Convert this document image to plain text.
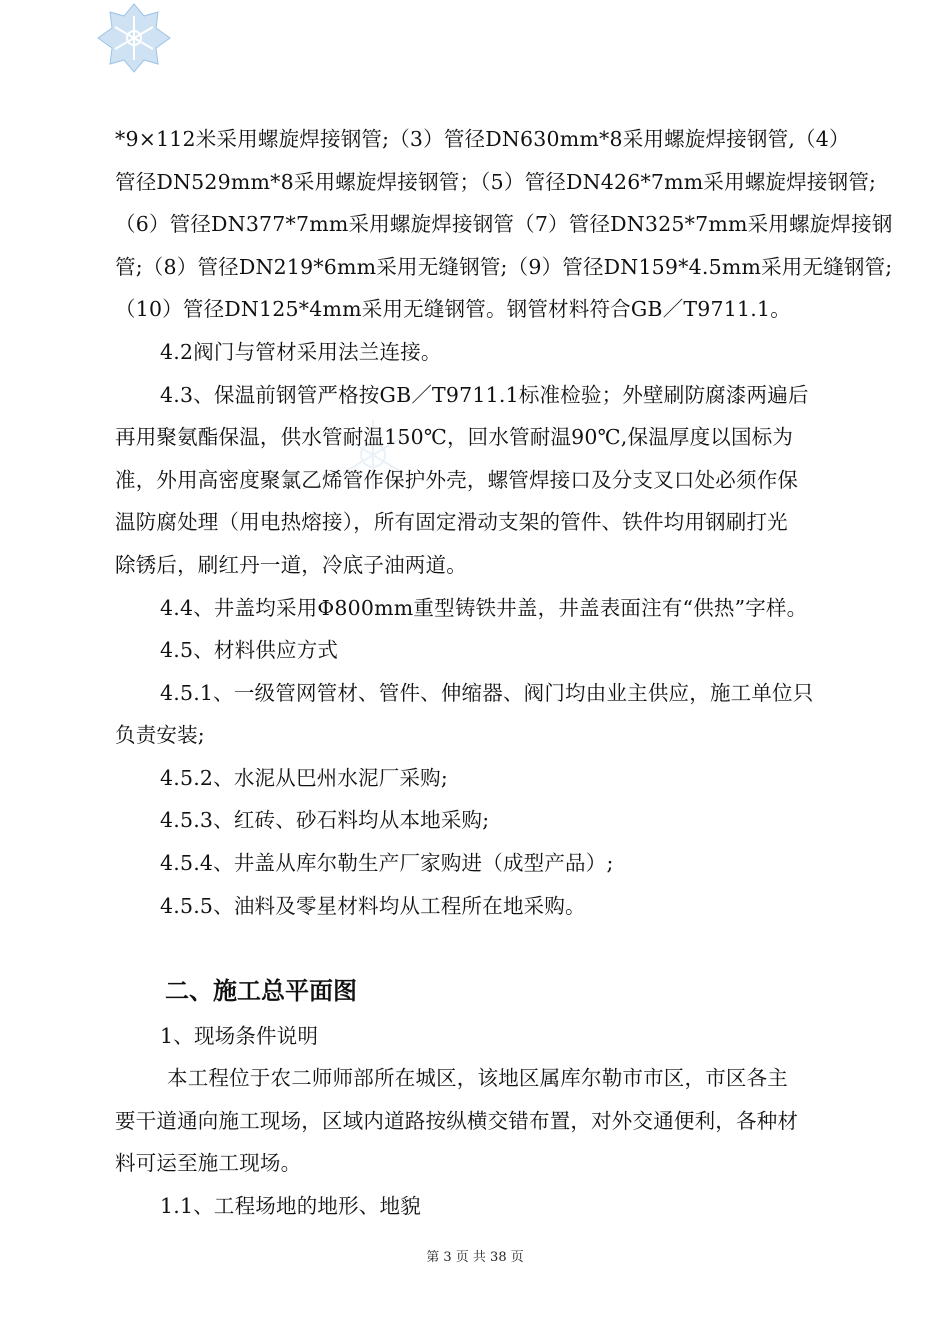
*9×112米采用螺旋焊接钢管;（3）管径DN630mm*8采用螺旋焊接钢管,（4）
管径DN529mm*8采用螺旋焊接钢管；（5）管径DN426*7mm采用螺旋焊接钢管;
（6）管径DN377*7mm采用螺旋焊接钢管（7）管径DN325*7mm采用螺旋焊接钢
管;（8）管径DN219*6mm采用无缝钢管;（9）管径DN159*4.5mm采用无缝钢管;
（10）管径DN125*4mm采用无缝钢管。钢管材料符合GB／T9711.1。
4.2阀门与管材采用法兰连接。
4.3、保温前钢管严格按GB／T9711.1标准检验；外壁刷防腐漆两遍后
再用聚氨酯保温，供水管耐温150℃，回水管耐温90℃,保温厚度以国标为
准，外用高密度聚氯乙烯管作保护外壳，螺管焊接口及分支叉口处必须作保
温防腐处理（用电热熔接），所有固定滑动支架的管件、铁件均用钢刷打光
除锈后，刷红丹一道，冷底子油两道。
4.4、井盖均采用Φ800mm重型铸铁井盖，井盖表面注有“供热”字样。
4.5、材料供应方式
4.5.1、一级管网管材、管件、伸缩器、阀门均由业主供应，施工单位只
负责安装;
4.5.2、水泥从巴州水泥厂采购;
4.5.3、红砖、砂石料均从本地采购;
4.5.4、井盖从库尔勒生产厂家购进（成型产品）;
4.5.5、油料及零星材料均从工程所在地采购。
二、施工总平面图
1、现场条件说明
本工程位于农二师师部所在城区，该地区属库尔勒市市区，市区各主
要干道通向施工现场，区域内道路按纵横交错布置，对外交通便利，各种材
料可运至施工现场。
1.1、工程场地的地形、地貌
第 3 页 共 38 页
